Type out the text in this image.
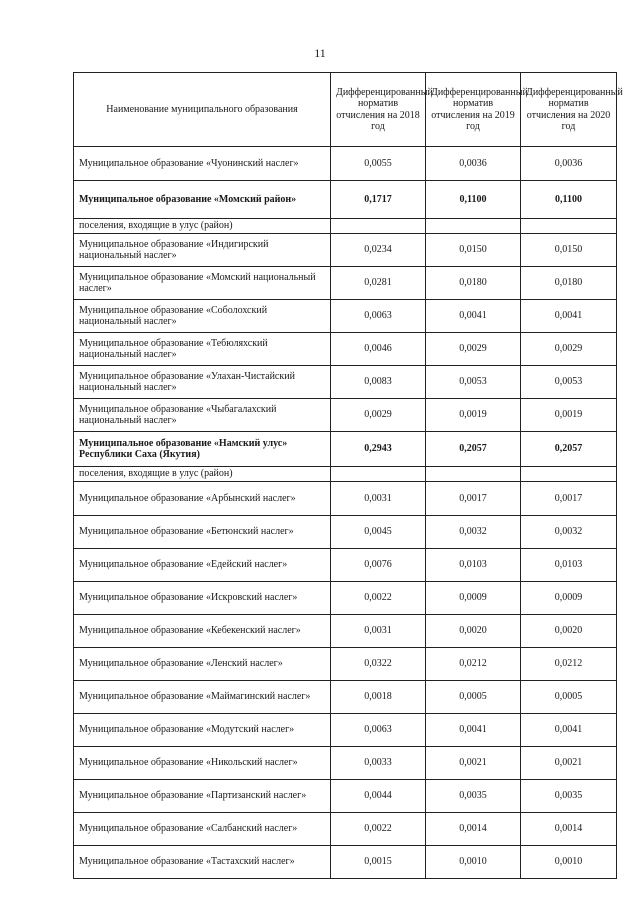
11
Наименование муниципального образования	Дифференцированный норматив отчисления на 2018 год	Дифференцированный норматив отчисления на 2019 год	Дифференцированный норматив отчисления на 2020 год
Муниципальное образование «Чуонинский наслег»	0,0055	0,0036	0,0036
Муниципальное образование «Момский район»	0,1717	0,1100	0,1100
поселения, входящие в улус (район)			
Муниципальное образование «Индигирский национальный наслег»	0,0234	0,0150	0,0150
Муниципальное образование «Момский национальный наслег»	0,0281	0,0180	0,0180
Муниципальное образование «Соболохский национальный наслег»	0,0063	0,0041	0,0041
Муниципальное образование «Тебюляхский национальный наслег»	0,0046	0,0029	0,0029
Муниципальное образование «Улахан-Чистайский национальный наслег»	0,0083	0,0053	0,0053
Муниципальное образование «Чыбагалахский национальный наслег»	0,0029	0,0019	0,0019
Муниципальное образование «Намский улус» Республики Саха (Якутия)	0,2943	0,2057	0,2057
поселения, входящие в улус (район)			
Муниципальное образование «Арбынский наслег»	0,0031	0,0017	0,0017
Муниципальное образование «Бетюнский наслег»	0,0045	0,0032	0,0032
Муниципальное образование «Едейский наслег»	0,0076	0,0103	0,0103
Муниципальное образование «Искровский наслег»	0,0022	0,0009	0,0009
Муниципальное образование «Кебекенский наслег»	0,0031	0,0020	0,0020
Муниципальное образование «Ленский наслег»	0,0322	0,0212	0,0212
Муниципальное образование «Маймагинский наслег»	0,0018	0,0005	0,0005
Муниципальное образование «Модутский наслег»	0,0063	0,0041	0,0041
Муниципальное образование «Никольский наслег»	0,0033	0,0021	0,0021
Муниципальное образование «Партизанский наслег»	0,0044	0,0035	0,0035
Муниципальное образование «Салбанский наслег»	0,0022	0,0014	0,0014
Муниципальное образование «Тастахский наслег»	0,0015	0,0010	0,0010
